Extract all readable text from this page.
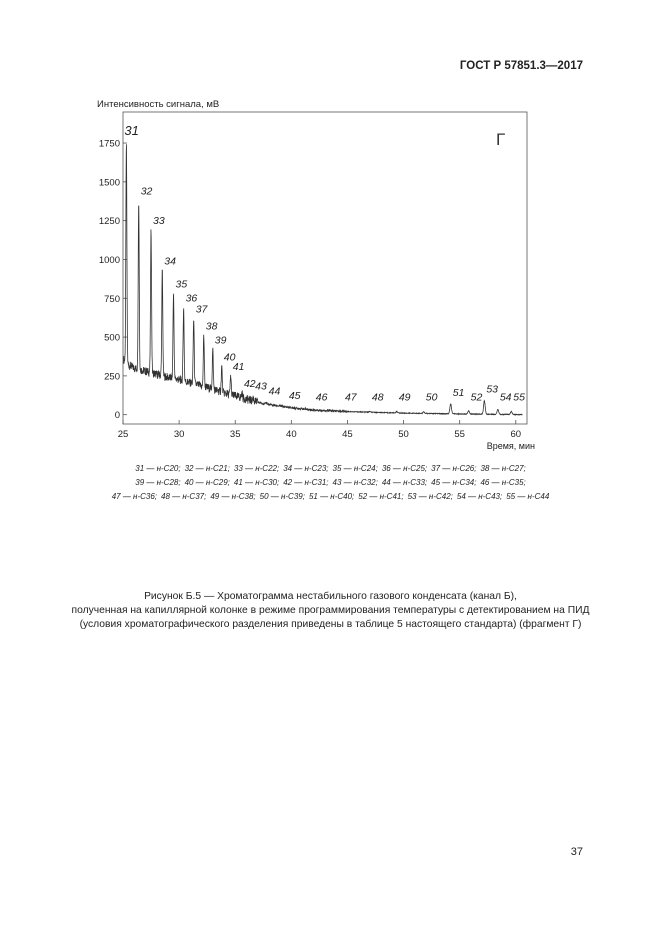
ГОСТ Р 57851.3—2017
Интенсивность сигнала, мВ
Время, мин
Г
25	30	35	40	45	50	55	60
0
250
500
750
1000
1250
1500
1750
31
32
33
34
35
36
37
38
39
40
41
42 43 44 45 46 47 48 49 50 51 52
53
54 55
31 — н-С20; 32 — н-С21; 33 — н-С22; 34 — н-С23; 35 — н-С24; 36 — н-С25; 37 — н-С26; 38 — н-С27;
39 — н-С28; 40 — н-С29; 41 — н-С30; 42 — н-С31; 43 — н-С32; 44 — н-С33; 45 — н-С34; 46 — н-С35;
47 — н-С36; 48 — н-С37; 49 — н-С38; 50 — н-С39; 51 — н-С40; 52 — н-С41; 53 — н-С42; 54 — н-С43; 55 — н-С44
Рисунок Б.5 — Хроматограмма нестабильного газового конденсата (канал Б),
полученная на капиллярной колонке в режиме программирования температуры с детектированием на ПИД
(условия хроматографического разделения приведены в таблице 5 настоящего стандарта) (фрагмент Г)
37
